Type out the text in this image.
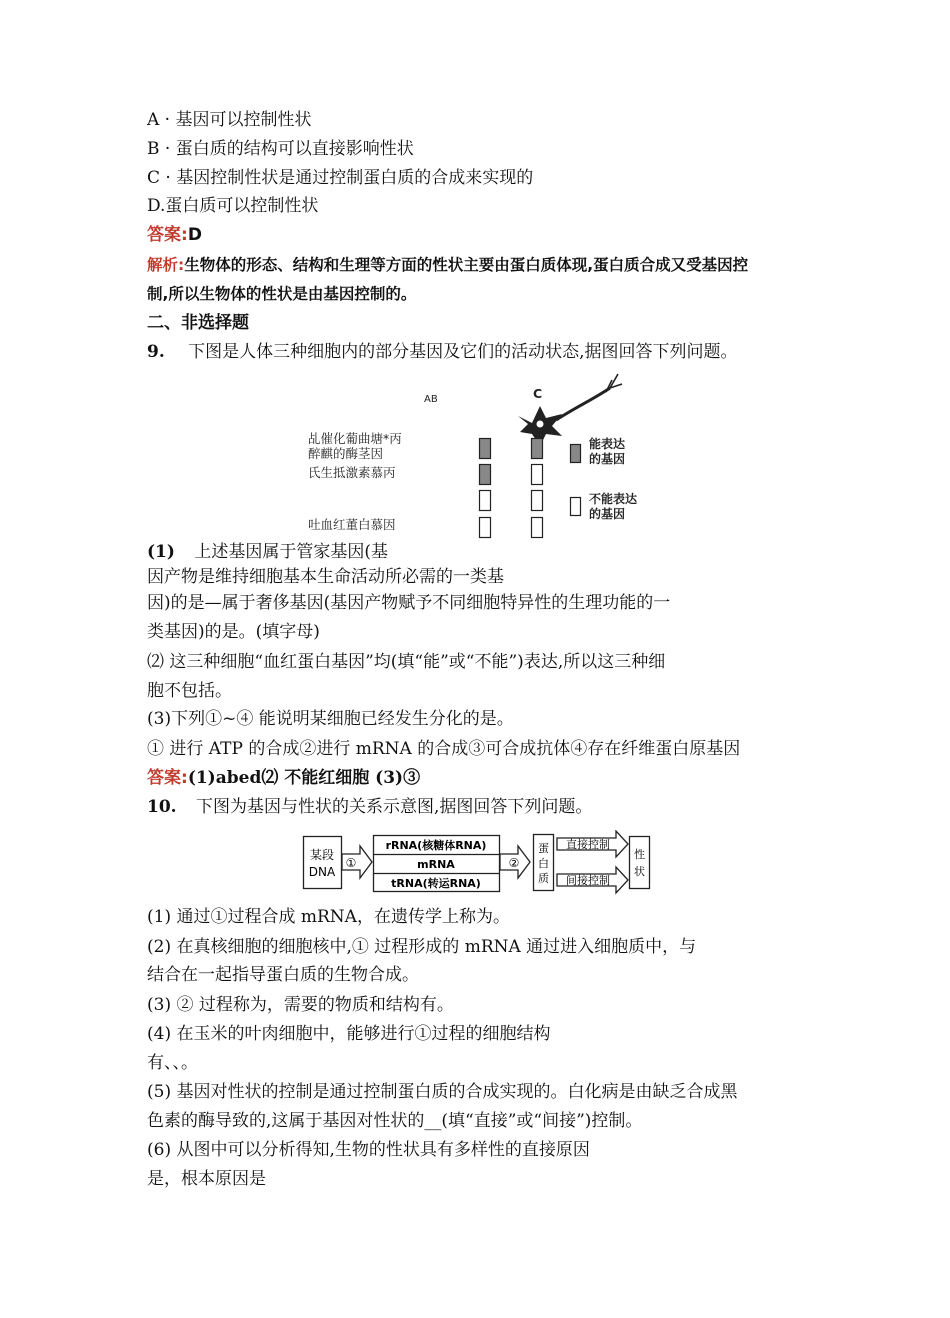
A · 基因可以控制性状
B · 蛋白质的结构可以直接影响性状
C · 基因控制性状是通过控制蛋白质的合成来实现的
D.蛋白质可以控制性状
答案:D
解析:生物体的形态、结构和生理等方面的性状主要由蛋白质体现,蛋白质合成又受基因控
制,所以生物体的性状是由基因控制的。
二、非选择题
9. 下图是人体三种细胞内的部分基因及它们的活动状态,据图回答下列问题。
AB	C
乩催化葡曲塘*丙
醉麒的酶茎因
氏生抵激素慕丙
吐血红董白慕因
能表达
的基因
不能表达
的基因
(1) 上述基因属于管家基因(基
因产物是维持细胞基本生命活动所必需的一类基
因)的是—属于奢侈基因(基因产物赋予不同细胞特异性的生理功能的一
类基因)的是。(填字母)
⑵ 这三种细胞“血红蛋白基因”均(填“能”或“不能”)表达,所以这三种细
胞不包括。
(3)下列①~④ 能说明某细胞已经发生分化的是。
① 进行 ATP 的合成②进行 mRNA 的合成③可合成抗体④存在纤维蛋白原基因
答案:(1)abed⑵ 不能红细胞 (3)③
10. 下图为基因与性状的关系示意图,据图回答下列问题。
某段
DNA
①
rRNA(核糖体RNA)
mRNA
tRNA(转运RNA)
②
蛋
白
质
直接控制
间接控制
性
状
(1) 通过①过程合成 mRNA，在遗传学上称为。
(2) 在真核细胞的细胞核中,① 过程形成的 mRNA 通过进入细胞质中，与
结合在一起指导蛋白质的生物合成。
(3) ② 过程称为，需要的物质和结构有。
(4) 在玉米的叶肉细胞中，能够进行①过程的细胞结构
有、、。
(5) 基因对性状的控制是通过控制蛋白质的合成实现的。白化病是由缺乏合成黑
色素的酶导致的,这属于基因对性状的__(填“直接”或“间接”)控制。
(6) 从图中可以分析得知,生物的性状具有多样性的直接原因
是，根本原因是
